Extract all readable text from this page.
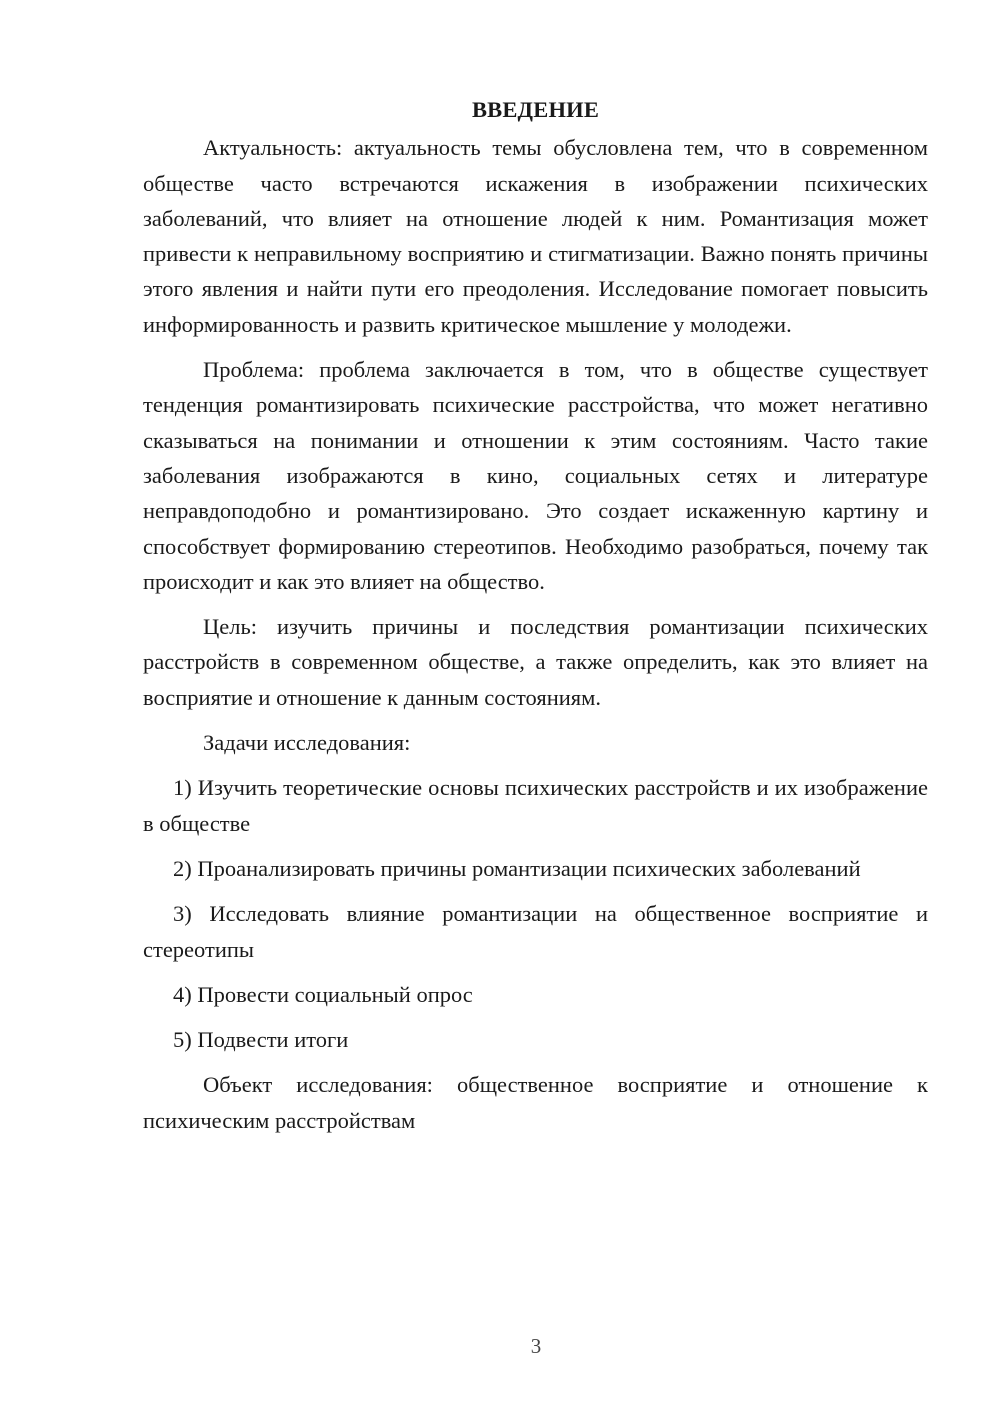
ВВЕДЕНИЕ

Актуальность: актуальность темы обусловлена тем, что в современном обществе часто встречаются искажения в изображении психических заболеваний, что влияет на отношение людей к ним. Романтизация может привести к неправильному восприятию и стигматизации. Важно понять причины этого явления и найти пути его преодоления. Исследование помогает повысить информированность и развить критическое мышление у молодежи.

Проблема: проблема заключается в том, что в обществе существует тенденция романтизировать психические расстройства, что может негативно сказываться на понимании и отношении к этим состояниям. Часто такие заболевания изображаются в кино, социальных сетях и литературе неправдоподобно и романтизировано. Это создает искаженную картину и способствует формированию стереотипов. Необходимо разобраться, почему так происходит и как это влияет на общество.

Цель: изучить причины и последствия романтизации психических расстройств в современном обществе, а также определить, как это влияет на восприятие и отношение к данным состояниям.

Задачи исследования:

1) Изучить теоретические основы психических расстройств и их изображение в обществе

2) Проанализировать причины романтизации психических заболеваний

3) Исследовать влияние романтизации на общественное восприятие и стереотипы

4) Провести социальный опрос

5) Подвести итоги

Объект исследования: общественное восприятие и отношение к психическим расстройствам

3
